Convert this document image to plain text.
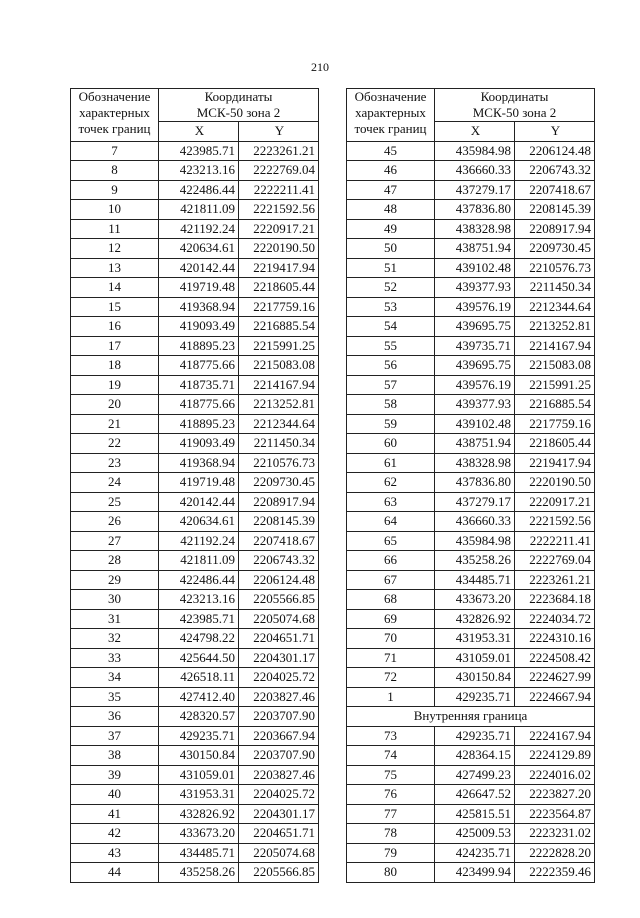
210
Обозначение
характерных
точек границ	Координаты
МСК-50 зона 2	

	X	Y
7	423985.71	2223261.21
8	423213.16	2222769.04
9	422486.44	2222211.41
10	421811.09	2221592.56
11	421192.24	2220917.21
12	420634.61	2220190.50
13	420142.44	2219417.94
14	419719.48	2218605.44
15	419368.94	2217759.16
16	419093.49	2216885.54
17	418895.23	2215991.25
18	418775.66	2215083.08
19	418735.71	2214167.94
20	418775.66	2213252.81
21	418895.23	2212344.64
22	419093.49	2211450.34
23	419368.94	2210576.73
24	419719.48	2209730.45
25	420142.44	2208917.94
26	420634.61	2208145.39
27	421192.24	2207418.67
28	421811.09	2206743.32
29	422486.44	2206124.48
30	423213.16	2205566.85
31	423985.71	2205074.68
32	424798.22	2204651.71
33	425644.50	2204301.17
34	426518.11	2204025.72
35	427412.40	2203827.46
36	428320.57	2203707.90
37	429235.71	2203667.94
38	430150.84	2203707.90
39	431059.01	2203827.46
40	431953.31	2204025.72
41	432826.92	2204301.17
42	433673.20	2204651.71
43	434485.71	2205074.68
44	435258.26	2205566.85
Обозначение
характерных
точек границ	Координаты
МСК-50 зона 2	

	X	Y
45	435984.98	2206124.48
46	436660.33	2206743.32
47	437279.17	2207418.67
48	437836.80	2208145.39
49	438328.98	2208917.94
50	438751.94	2209730.45
51	439102.48	2210576.73
52	439377.93	2211450.34
53	439576.19	2212344.64
54	439695.75	2213252.81
55	439735.71	2214167.94
56	439695.75	2215083.08
57	439576.19	2215991.25
58	439377.93	2216885.54
59	439102.48	2217759.16
60	438751.94	2218605.44
61	438328.98	2219417.94
62	437836.80	2220190.50
63	437279.17	2220917.21
64	436660.33	2221592.56
65	435984.98	2222211.41
66	435258.26	2222769.04
67	434485.71	2223261.21
68	433673.20	2223684.18
69	432826.92	2224034.72
70	431953.31	2224310.16
71	431059.01	2224508.42
72	430150.84	2224627.99
1	429235.71	2224667.94
Внутренняя граница		
73	429235.71	2224167.94
74	428364.15	2224129.89
75	427499.23	2224016.02
76	426647.52	2223827.20
77	425815.51	2223564.87
78	425009.53	2223231.02
79	424235.71	2222828.20
80	423499.94	2222359.46
